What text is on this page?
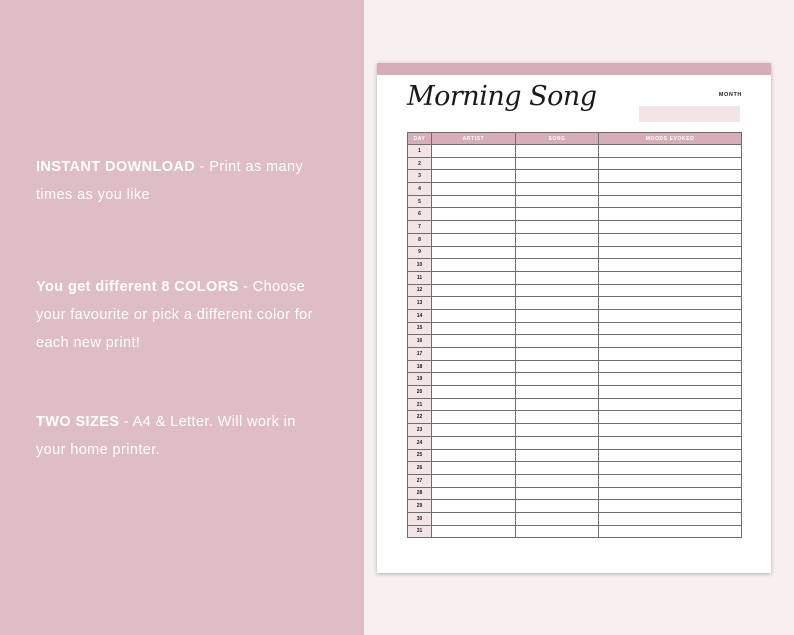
INSTANT DOWNLOAD - Print as many times as you like

You get different 8 COLORS - Choose your favourite or pick a different color for each new print!

TWO SIZES - A4 & Letter. Will work in your home printer.

Morning Song	MONTH
DAY	ARTIST	SONG	MOODS EVOKED
1			
2			
3			
4			
5			
6			
7			
8			
9			
10			
11			
12			
13			
14			
15			
16			
17			
18			
19			
20			
21			
22			
23			
24			
25			
26			
27			
28			
29			
30			
31			
